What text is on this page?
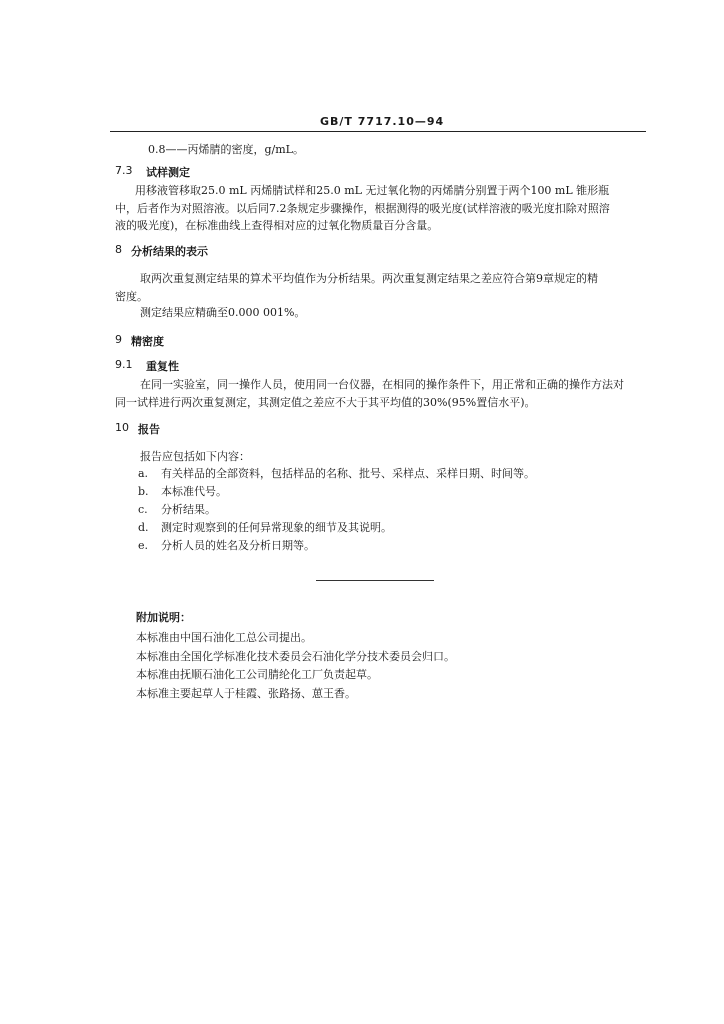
GB/T 7717.10—94
0.8——丙烯腈的密度，g/mL。
7.3 试样测定
用移液管移取25.0 mL 丙烯腈试样和25.0 mL 无过氧化物的丙烯腈分别置于两个100 mL 锥形瓶
中，后者作为对照溶液。以后同7.2条规定步骤操作，根据测得的吸光度(试样溶液的吸光度扣除对照溶
液的吸光度)，在标准曲线上查得相对应的过氧化物质量百分含量。
8 分析结果的表示
取两次重复测定结果的算术平均值作为分析结果。两次重复测定结果之差应符合第9章规定的精
密度。
测定结果应精确至0.000 001%。
9 精密度
9.1 重复性
在同一实验室，同一操作人员，使用同一台仪器，在相同的操作条件下，用正常和正确的操作方法对
同一试样进行两次重复测定，其测定值之差应不大于其平均值的30%(95%置信水平)。
10 报告
报告应包括如下内容：
a. 有关样品的全部资料，包括样品的名称、批号、采样点、采样日期、时间等。
b. 本标准代号。
c. 分析结果。
d. 测定时观察到的任何异常现象的细节及其说明。
e. 分析人员的姓名及分析日期等。
附加说明：
本标准由中国石油化工总公司提出。
本标准由全国化学标准化技术委员会石油化学分技术委员会归口。
本标准由抚顺石油化工公司腈纶化工厂负责起草。
本标准主要起草人于桂霞、张路扬、葸王香。
